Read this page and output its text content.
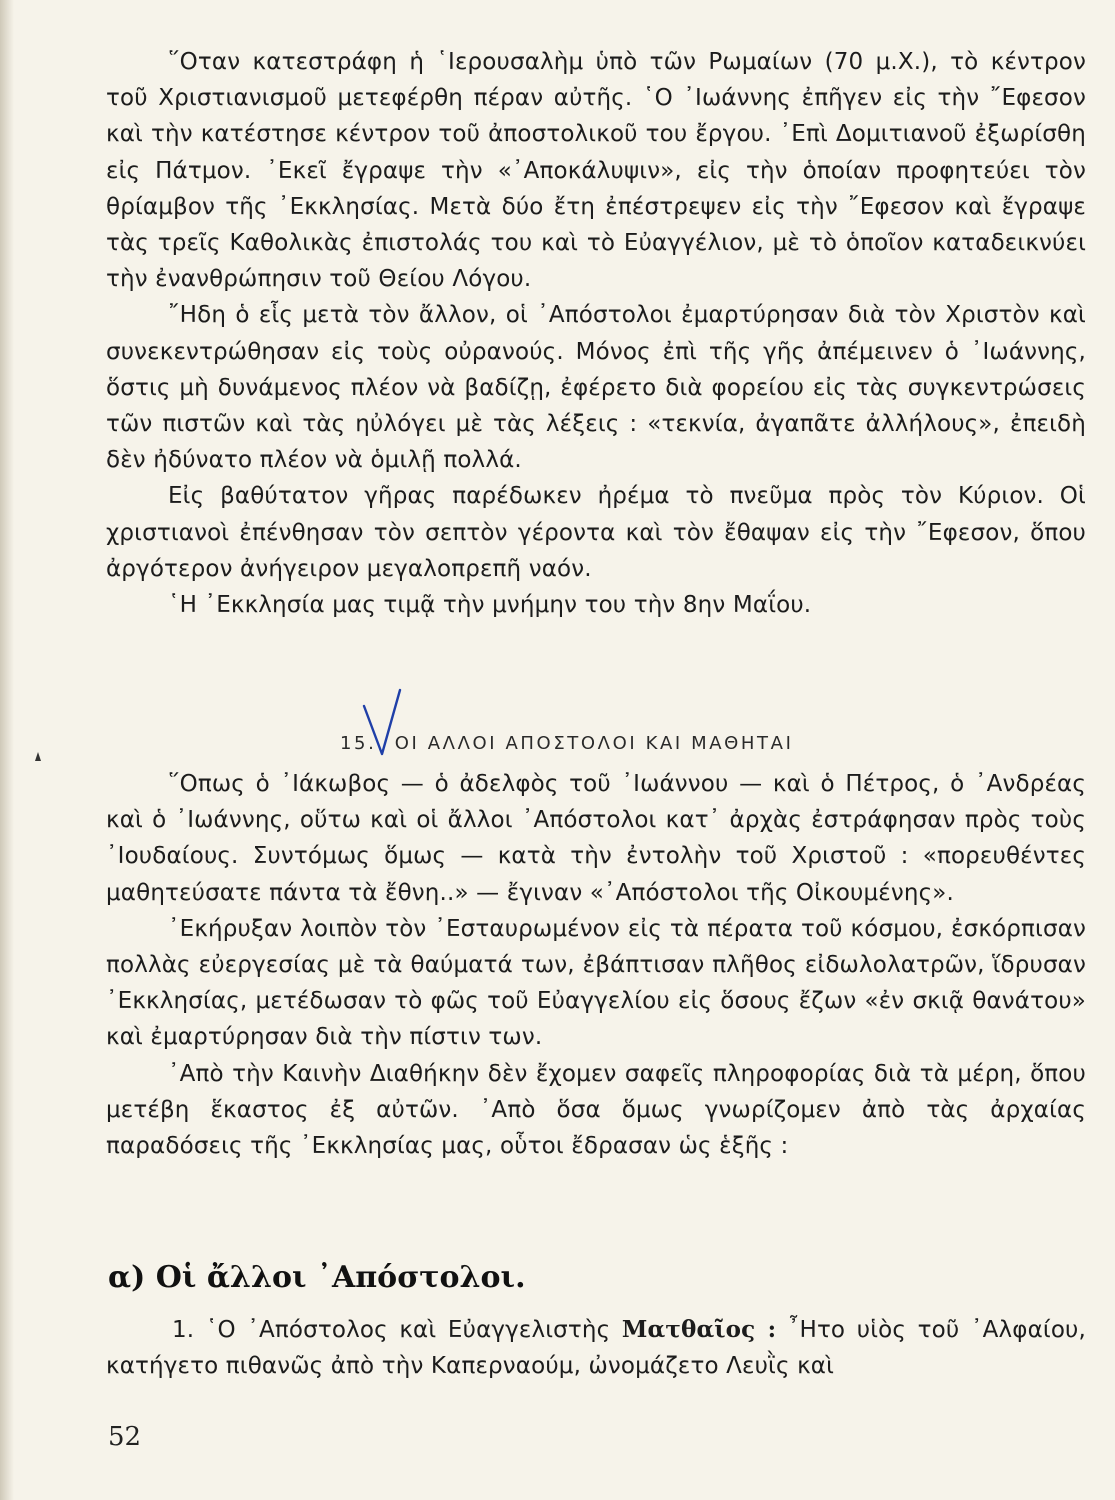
῞Οταν κατεστράφη ἡ ῾Ιερουσαλὴμ ὑπὸ τῶν Ρωμαίων (70 μ.Χ.), τὸ κέντρον τοῦ Χριστιανισμοῦ μετεφέρθη πέραν αὐτῆς. ῾Ο ᾿Ιωάννης ἐπῆγεν εἰς τὴν ῎Εφεσον καὶ τὴν κατέστησε κέντρον τοῦ ἀποστολικοῦ του ἔργου. ᾿Επὶ Δομιτιανοῦ ἐξωρίσθη εἰς Πάτμον. ᾿Εκεῖ ἔγραψε τὴν «᾿Αποκάλυψιν», εἰς τὴν ὁποίαν προφητεύει τὸν θρίαμβον τῆς ᾿Εκκλησίας. Μετὰ δύο ἔτη ἐπέστρεψεν εἰς τὴν ῎Εφεσον καὶ ἔγραψε τὰς τρεῖς Καθολικὰς ἐπιστολάς του καὶ τὸ Εὐαγγέλιον, μὲ τὸ ὁποῖον καταδεικνύει τὴν ἐνανθρώπησιν τοῦ Θείου Λόγου.

῎Ηδη ὁ εἷς μετὰ τὸν ἄλλον, οἱ ᾿Απόστολοι ἐμαρτύρησαν διὰ τὸν Χριστὸν καὶ συνεκεντρώθησαν εἰς τοὺς οὐρανούς. Μόνος ἐπὶ τῆς γῆς ἀπέμεινεν ὁ ᾿Ιωάννης, ὅστις μὴ δυνάμενος πλέον νὰ βαδίζῃ, ἐφέρετο διὰ φορείου εἰς τὰς συγκεντρώσεις τῶν πιστῶν καὶ τὰς ηὐλόγει μὲ τὰς λέξεις : «τεκνία, ἀγαπᾶτε ἀλλήλους», ἐπειδὴ δὲν ἠδύνατο πλέον νὰ ὁμιλῇ πολλά.

Εἰς βαθύτατον γῆρας παρέδωκεν ἠρέμα τὸ πνεῦμα πρὸς τὸν Κύριον. Οἱ χριστιανοὶ ἐπένθησαν τὸν σεπτὸν γέροντα καὶ τὸν ἔθαψαν εἰς τὴν ῎Εφεσον, ὅπου ἀργότερον ἀνήγειρον μεγαλοπρεπῆ ναόν.

῾Η ᾿Εκκλησία μας τιμᾷ τὴν μνήμην του τὴν 8ην Μαΐου.

15. ΟΙ ΑΛΛΟΙ ΑΠΟΣΤΟΛΟΙ ΚΑΙ ΜΑΘΗΤΑΙ

῞Οπως ὁ ᾿Ιάκωβος — ὁ ἀδελφὸς τοῦ ᾿Ιωάννου — καὶ ὁ Πέτρος, ὁ ᾿Ανδρέας καὶ ὁ ᾿Ιωάννης, οὕτω καὶ οἱ ἄλλοι ᾿Απόστολοι κατ᾿ ἀρχὰς ἐστράφησαν πρὸς τοὺς ᾿Ιουδαίους. Συντόμως ὅμως — κατὰ τὴν ἐντολὴν τοῦ Χριστοῦ : «πορευθέντες μαθητεύσατε πάντα τὰ ἔθνη..» — ἔγιναν «᾿Απόστολοι τῆς Οἰκουμένης».

᾿Εκήρυξαν λοιπὸν τὸν ᾿Εσταυρωμένον εἰς τὰ πέρατα τοῦ κόσμου, ἐσκόρπισαν πολλὰς εὐεργεσίας μὲ τὰ θαύματά των, ἐβάπτισαν πλῆθος εἰδωλολατρῶν, ἵδρυσαν ᾿Εκκλησίας, μετέδωσαν τὸ φῶς τοῦ Εὐαγγελίου εἰς ὅσους ἔζων «ἐν σκιᾷ θανάτου» καὶ ἐμαρτύρησαν διὰ τὴν πίστιν των.

᾿Απὸ τὴν Καινὴν Διαθήκην δὲν ἔχομεν σαφεῖς πληροφορίας διὰ τὰ μέρη, ὅπου μετέβη ἕκαστος ἐξ αὐτῶν. ᾿Απὸ ὅσα ὅμως γνωρίζομεν ἀπὸ τὰς ἀρχαίας παραδόσεις τῆς ᾿Εκκλησίας μας, οὗτοι ἔδρασαν ὡς ἑξῆς :

α) Οἱ ἄλλοι ᾿Απόστολοι.

1. ῾Ο ᾿Απόστολος καὶ Εὐαγγελιστὴς Ματθαῖος : ῏Ητο υἱὸς τοῦ ᾿Αλφαίου, κατήγετο πιθανῶς ἀπὸ τὴν Καπερναούμ, ὠνομάζετο Λευῒς καὶ

52
